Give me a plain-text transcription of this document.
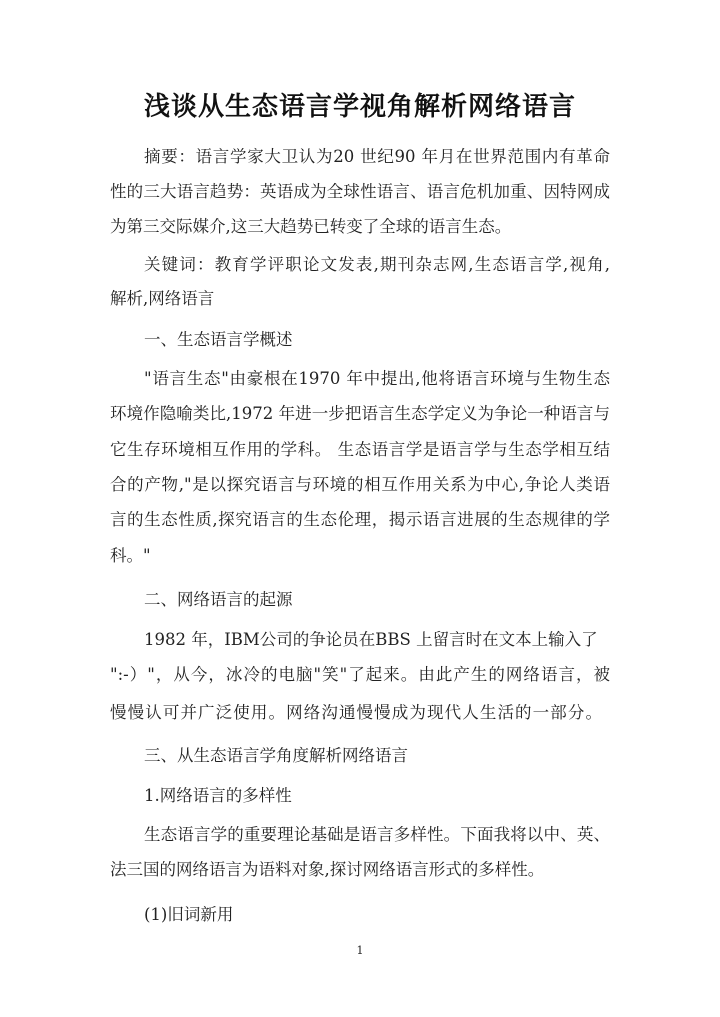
浅谈从生态语言学视角解析网络语言
摘要：语言学家大卫认为20 世纪90 年月在世界范围内有革命
性的三大语言趋势：英语成为全球性语言、语言危机加重、因特网成
为第三交际媒介,这三大趋势已转变了全球的语言生态。
关键词：教育学评职论文发表,期刊杂志网,生态语言学,视角,
解析,网络语言
一、生态语言学概述
"语言生态"由豪根在1970 年中提出,他将语言环境与生物生态
环境作隐喻类比,1972 年进一步把语言生态学定义为争论一种语言与
它生存环境相互作用的学科。 生态语言学是语言学与生态学相互结
合的产物,"是以探究语言与环境的相互作用关系为中心,争论人类语
言的生态性质,探究语言的生态伦理，揭示语言进展的生态规律的学
科。"
二、网络语言的起源
1982 年，IBM公司的争论员在BBS 上留言时在文本上输入了
":-）"，从今，冰冷的电脑"笑"了起来。由此产生的网络语言，被
慢慢认可并广泛使用。网络沟通慢慢成为现代人生活的一部分。
三、从生态语言学角度解析网络语言
1.网络语言的多样性
生态语言学的重要理论基础是语言多样性。下面我将以中、英、
法三国的网络语言为语料对象,探讨网络语言形式的多样性。
(1)旧词新用
1
